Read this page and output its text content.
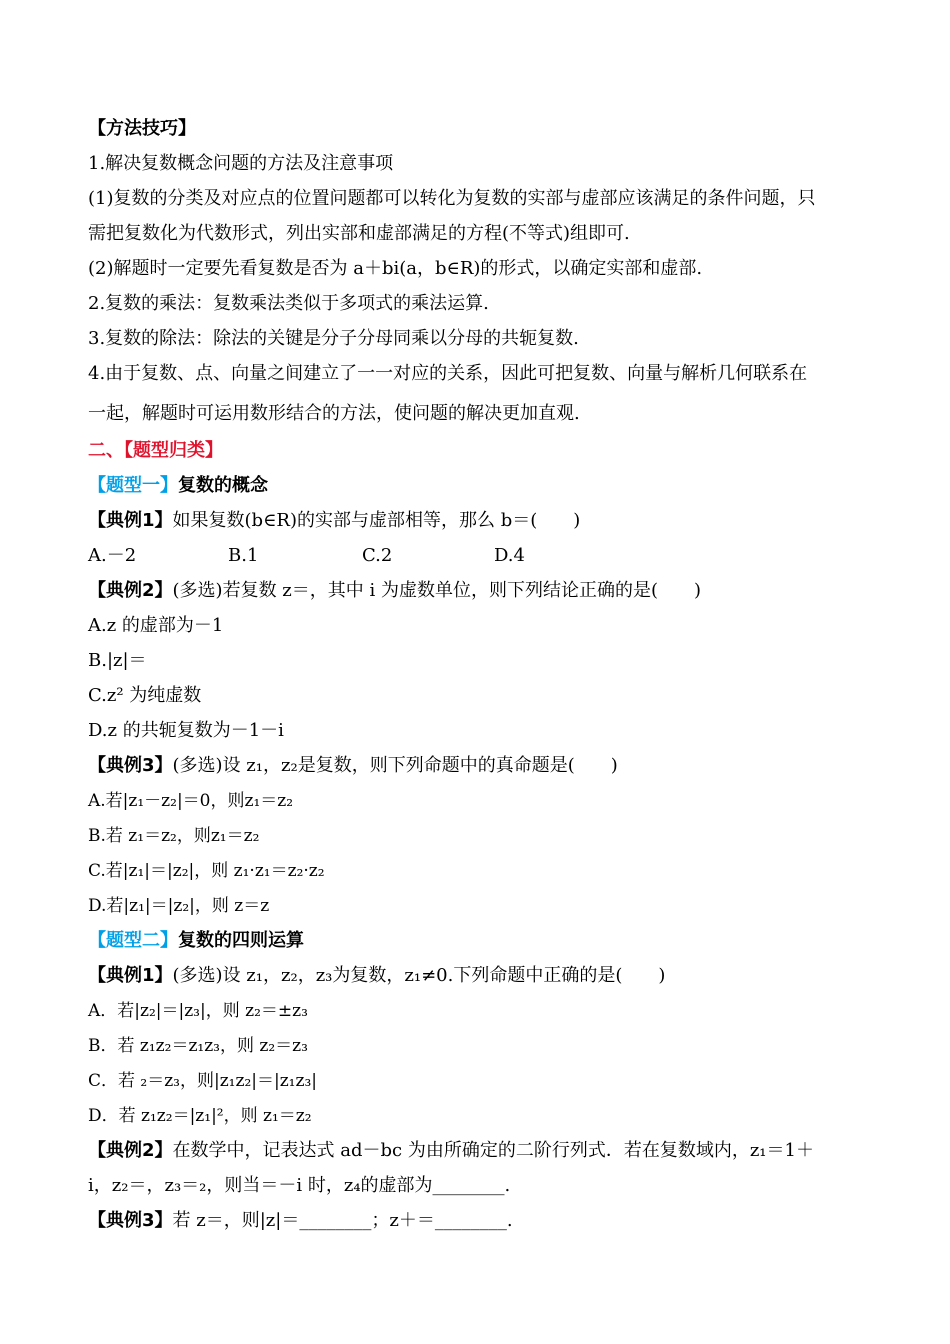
【方法技巧】
1.解决复数概念问题的方法及注意事项
(1)复数的分类及对应点的位置问题都可以转化为复数的实部与虚部应该满足的条件问题，只
需把复数化为代数形式，列出实部和虚部满足的方程(不等式)组即可.
(2)解题时一定要先看复数是否为 a＋bi(a，b∈R)的形式，以确定实部和虚部.
2.复数的乘法：复数乘法类似于多项式的乘法运算.
3.复数的除法：除法的关键是分子分母同乘以分母的共轭复数.
4.由于复数、点、向量之间建立了一一对应的关系，因此可把复数、向量与解析几何联系在
一起，解题时可运用数形结合的方法，使问题的解决更加直观.
二、【题型归类】
【题型一】复数的概念
【典例1】如果复数(b∈R)的实部与虚部相等，那么 b＝(　　)
A.－2	B.1	C.2	D.4
【典例2】(多选)若复数 z＝，其中 i 为虚数单位，则下列结论正确的是(　　)
A.z 的虚部为－1
B.|z|＝
C.z² 为纯虚数
D.z 的共轭复数为－1－i
【典例3】(多选)设 z₁，z₂是复数，则下列命题中的真命题是(　　)
A.若|z₁－z₂|＝0，则z₁＝z₂
B.若 z₁＝z₂，则z₁＝z₂
C.若|z₁|＝|z₂|，则 z₁·z₁＝z₂·z₂
D.若|z₁|＝|z₂|，则 z＝z
【题型二】复数的四则运算
【典例1】(多选)设 z₁，z₂，z₃为复数，z₁≠0.下列命题中正确的是(　　)
A．若|z₂|＝|z₃|，则 z₂＝±z₃
B．若 z₁z₂＝z₁z₃，则 z₂＝z₃
C．若 ₂＝z₃，则|z₁z₂|＝|z₁z₃|
D．若 z₁z₂＝|z₁|²，则 z₁＝z₂
【典例2】在数学中，记表达式 ad－bc 为由所确定的二阶行列式．若在复数域内，z₁＝1＋
i，z₂＝，z₃＝₂，则当＝－i 时，z₄的虚部为________.
【典例3】若 z＝，则|z|＝________；z＋＝________.
